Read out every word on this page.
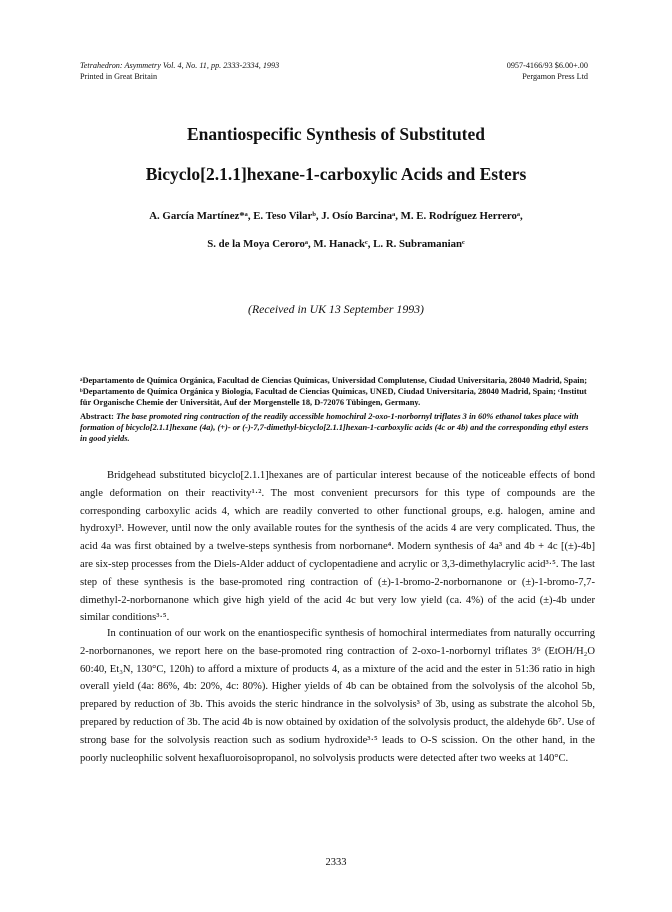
Tetrahedron: Asymmetry Vol. 4, No. 11, pp. 2333-2334, 1993
Printed in Great Britain
0957-4166/93 $6.00+.00
Pergamon Press Ltd
Enantiospecific Synthesis of Substituted
Bicyclo[2.1.1]hexane-1-carboxylic Acids and Esters
A. García Martínez*ᵃ, E. Teso Vilarᵇ, J. Osío Barcinaᵃ, M. E. Rodríguez Herreroᵃ,
S. de la Moya Ceroroᵃ, M. Hanackᶜ, L. R. Subramanianᶜ
(Received in UK 13 September 1993)
ᵃDepartamento de Química Orgánica, Facultad de Ciencias Químicas, Universidad Complutense, Ciudad Universitaria, 28040 Madrid, Spain; ᵇDepartamento de Química Orgánica y Biología, Facultad de Ciencias Químicas, UNED, Ciudad Universitaria, 28040 Madrid, Spain; ᶜInstitut für Organische Chemie der Universität, Auf der Morgenstelle 18, D-72076 Tübingen, Germany.
Abstract: The base promoted ring contraction of the readily accessible homochiral 2-oxo-1-norbornyl triflates 3 in 60% ethanol takes place with formation of bicyclo[2.1.1]hexane (4a), (+)- or (-)-7,7-dimethyl-bicyclo[2.1.1]hexan-1-carboxylic acids (4c or 4b) and the corresponding ethyl esters in good yields.
Bridgehead substituted bicyclo[2.1.1]hexanes are of particular interest because of the noticeable effects of bond angle deformation on their reactivity¹·². The most convenient precursors for this type of compounds are the corresponding carboxylic acids 4, which are readily converted to other functional groups, e.g. halogen, amine and hydroxyl³. However, until now the only available routes for the synthesis of the acids 4 are very complicated. Thus, the acid 4a was first obtained by a twelve-steps synthesis from norbornane⁴. Modern synthesis of 4a³ and 4b + 4c [(±)-4b] are six-step processes from the Diels-Alder adduct of cyclopentadiene and acrylic or 3,3-dimethylacrylic acid³·⁵. The last step of these synthesis is the base-promoted ring contraction of (±)-1-bromo-2-norbornanone or (±)-1-bromo-7,7-dimethyl-2-norbornanone which give high yield of the acid 4c but very low yield (ca. 4%) of the acid (±)-4b under similar conditions³·⁵.
In continuation of our work on the enantiospecific synthesis of homochiral intermediates from naturally occurring 2-norbornanones, we report here on the base-promoted ring contraction of 2-oxo-1-norbornyl triflates 3⁶ (EtOH/H₂O 60:40, Et₃N, 130°C, 120h) to afford a mixture of products 4, as a mixture of the acid and the ester in 51:36 ratio in high overall yield (4a: 86%, 4b: 20%, 4c: 80%). Higher yields of 4b can be obtained from the solvolysis of the alcohol 5b, prepared by reduction of 3b. This avoids the steric hindrance in the solvolysis³ of 3b, using as substrate the alcohol 5b, prepared by reduction of 3b. The acid 4b is now obtained by oxidation of the solvolysis product, the aldehyde 6b⁷. Use of strong base for the solvolysis reaction such as sodium hydroxide³·⁵ leads to O-S scission. On the other hand, in the poorly nucleophilic solvent hexafluoroisopropanol, no solvolysis products were detected after two weeks at 140°C.
2333
